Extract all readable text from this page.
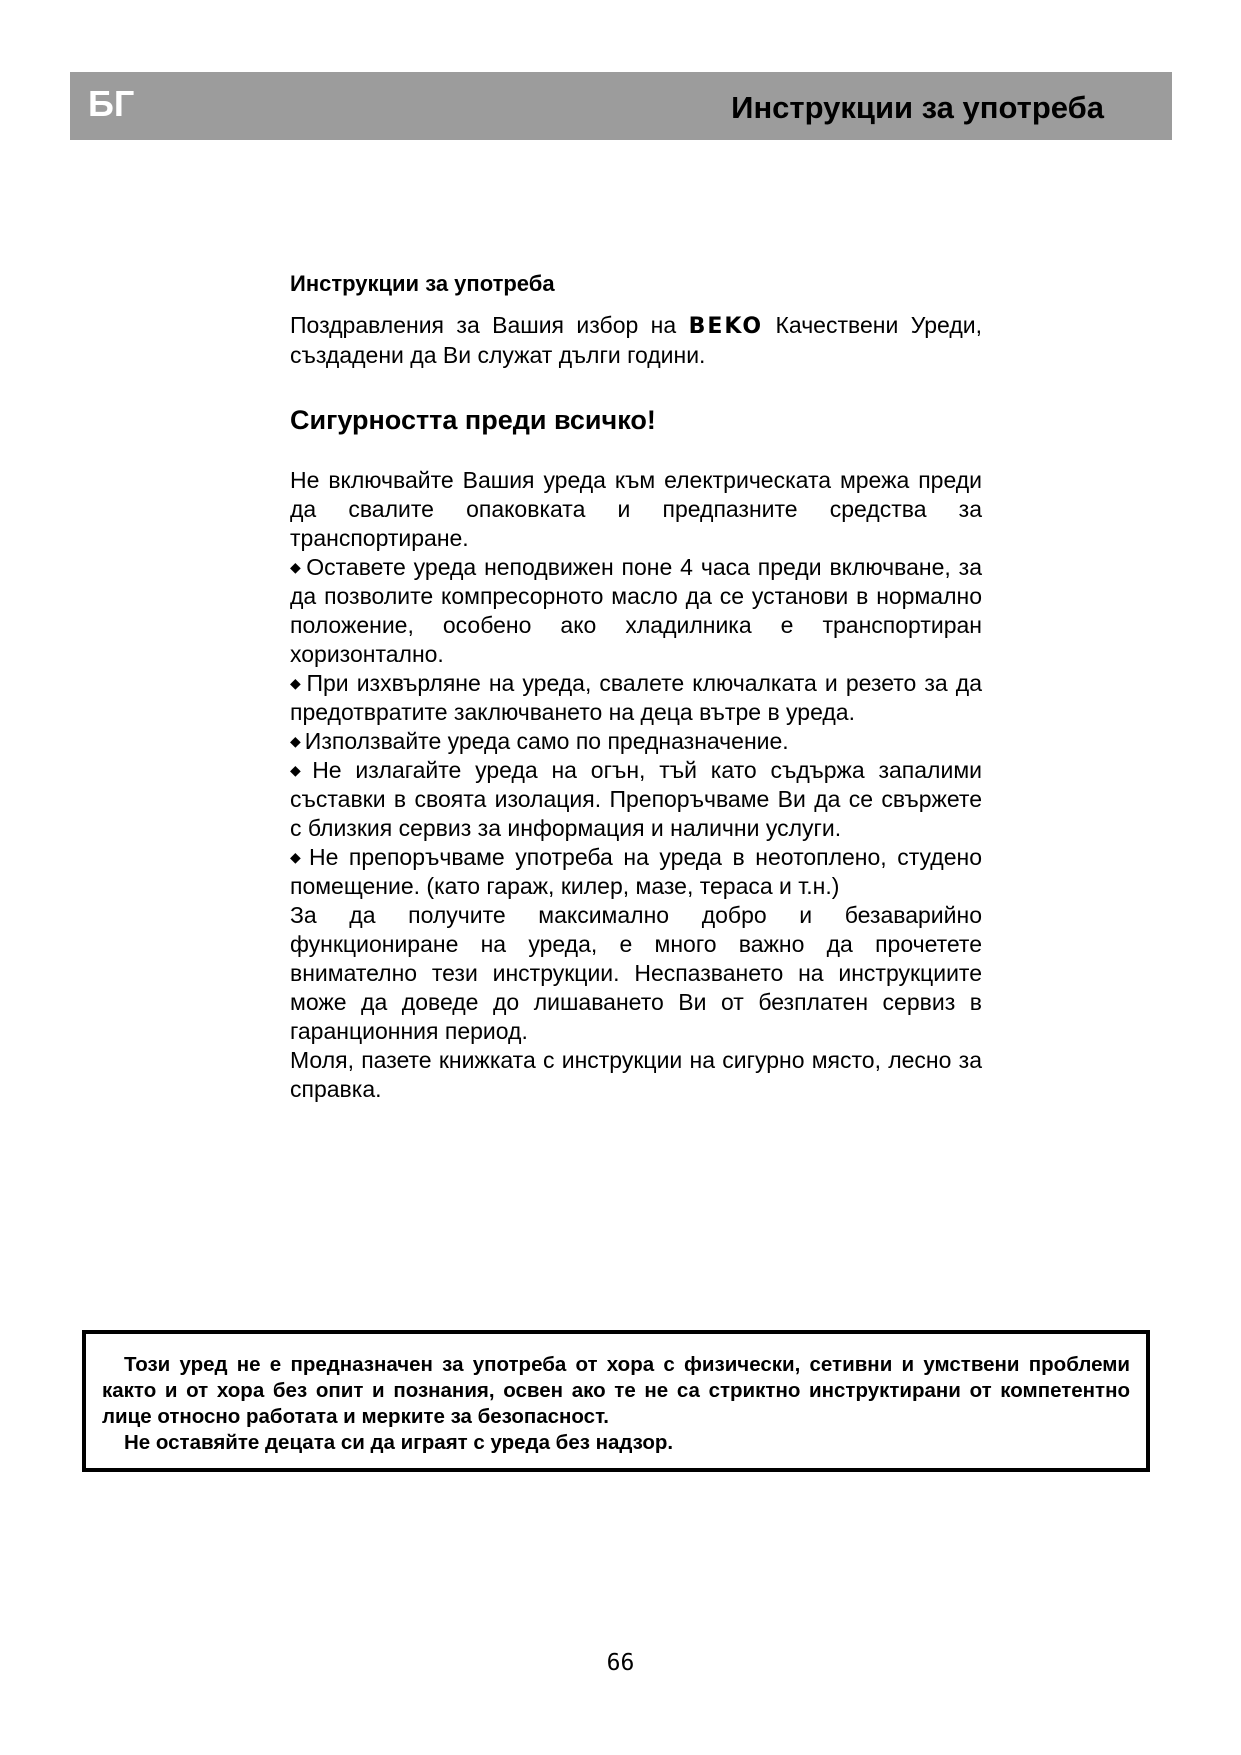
БГ	Инструкции за употреба
Инструкции за употреба

Поздравления за Вашия избор на BEKO Качествени Уреди, създадени да Ви служат дълги години.

Сигурността преди всичко!

Не включвайте Вашия уреда към електрическата мрежа преди да свалите опаковката и предпазните средства за транспортиране.

◆ Оставете уреда неподвижен поне 4 часа преди включване, за да позволите компресорното масло да се установи в нормално положение, особено ако хладилника е транспортиран хоризонтално.

◆ При изхвърляне на уреда, свалете ключалката и резето за да предотвратите заключването на деца вътре в уреда.

◆ Използвайте уреда само по предназначение.

◆ Не излагайте уреда на огън, тъй като съдържа запалими съставки в своята изолация. Препоръчваме Ви да се свържете с близкия сервиз за информация и налични услуги.

◆ Не препоръчваме употреба на уреда в неотоплено, студено помещение. (като гараж, килер, мазе, тераса и т.н.)

За да получите максимално добро и безаварийно функциониране на уреда, е много важно да прочетете внимателно тези инструкции. Неспазването на инструкциите може да доведе до лишаването Ви от безплатен сервиз в гаранционния период.

Моля, пазете книжката с инструкции на сигурно място, лесно за справка.

Този уред не е предназначен за употреба от хора с физически, сетивни и умствени проблеми както и от хора без опит и познания, освен ако те не са стриктно инструктирани от компетентно лице относно работата и мерките за безопасност.

Не оставяйте децата си да играят с уреда без надзор.

66
